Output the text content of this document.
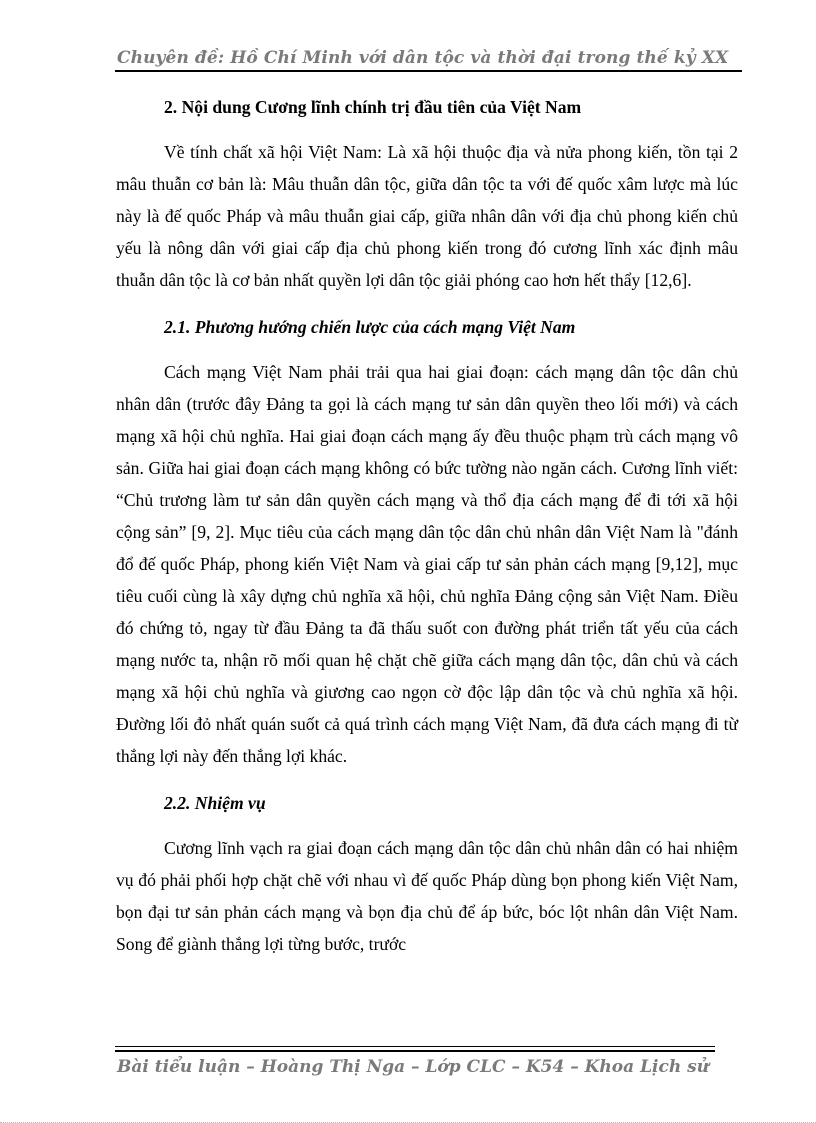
Chuyên đề: Hồ Chí Minh với dân tộc và thời đại trong thế kỷ XX
2. Nội dung Cương lĩnh chính trị đầu tiên của Việt Nam

Về tính chất xã hội Việt Nam: Là xã hội thuộc địa và nửa phong kiến, tồn tại 2 mâu thuẫn cơ bản là: Mâu thuẫn dân tộc, giữa dân tộc ta với đế quốc xâm lược mà lúc này là đế quốc Pháp và mâu thuẫn giai cấp, giữa nhân dân với địa chủ phong kiến chủ yếu là nông dân với giai cấp địa chủ phong kiến trong đó cương lĩnh xác định mâu thuẫn dân tộc là cơ bản nhất quyền lợi dân tộc giải phóng cao hơn hết thẩy [12,6].

2.1. Phương hướng chiến lược của cách mạng Việt Nam

Cách mạng Việt Nam phải trải qua hai giai đoạn: cách mạng dân tộc dân chủ nhân dân (trước đây Đảng ta gọi là cách mạng tư sản dân quyền theo lối mới) và cách mạng xã hội chủ nghĩa. Hai giai đoạn cách mạng ấy đều thuộc phạm trù cách mạng vô sản. Giữa hai giai đoạn cách mạng không có bức tường nào ngăn cách. Cương lĩnh viết: “Chủ trương làm tư sản dân quyền cách mạng và thổ địa cách mạng để đi tới xã hội cộng sản” [9, 2]. Mục tiêu của cách mạng dân tộc dân chủ nhân dân Việt Nam là "đánh đổ đế quốc Pháp, phong kiến Việt Nam và giai cấp tư sản phản cách mạng [9,12], mục tiêu cuối cùng là xây dựng chủ nghĩa xã hội, chủ nghĩa Đảng cộng sản Việt Nam. Điều đó chứng tỏ, ngay từ đầu Đảng ta đã thấu suốt con đường phát triển tất yếu của cách mạng nước ta, nhận rõ mối quan hệ chặt chẽ giữa cách mạng dân tộc, dân chủ và cách mạng xã hội chủ nghĩa và giương cao ngọn cờ độc lập dân tộc và chủ nghĩa xã hội. Đường lối đỏ nhất quán suốt cả quá trình cách mạng Việt Nam, đã đưa cách mạng đi từ thắng lợi này đến thắng lợi khác.

2.2. Nhiệm vụ

Cương lĩnh vạch ra giai đoạn cách mạng dân tộc dân chủ nhân dân có hai nhiệm vụ đó phải phối hợp chặt chẽ với nhau vì đế quốc Pháp dùng bọn phong kiến Việt Nam, bọn đại tư sản phản cách mạng và bọn địa chủ để áp bức, bóc lột nhân dân Việt Nam. Song để giành thắng lợi từng bước, trước

Bài tiểu luận – Hoàng Thị Nga – Lớp CLC – K54 – Khoa Lịch sử
